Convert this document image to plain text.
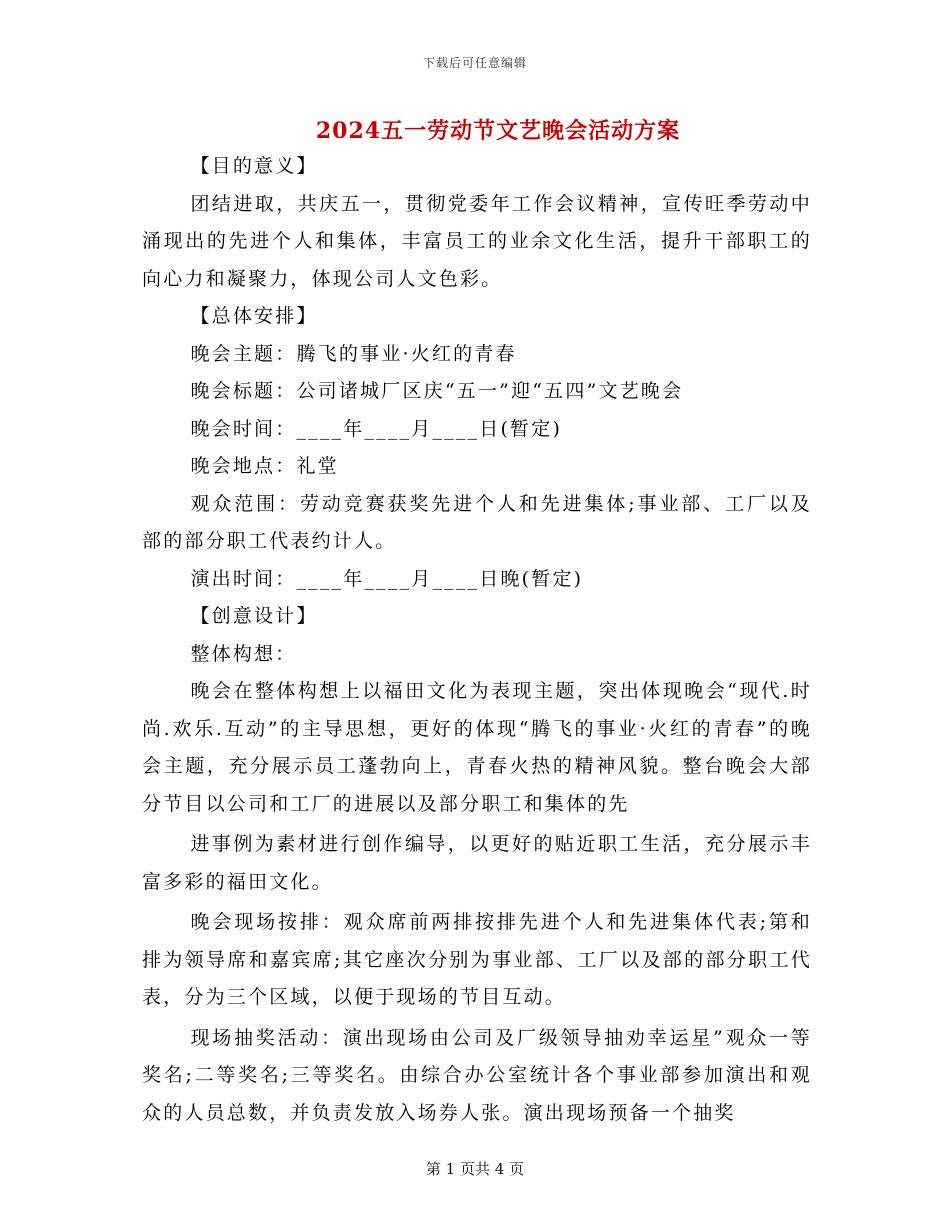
下载后可任意编辑
2024五一劳动节文艺晚会活动方案

【目的意义】

团结进取，共庆五一，贯彻党委年工作会议精神，宣传旺季劳动中涌现出的先进个人和集体，丰富员工的业余文化生活，提升干部职工的向心力和凝聚力，体现公司人文色彩。

【总体安排】

晚会主题：腾飞的事业·火红的青春

晚会标题：公司诸城厂区庆“五一”迎“五四”文艺晚会

晚会时间：____年____月____日(暂定)

晚会地点：礼堂

观众范围：劳动竞赛获奖先进个人和先进集体;事业部、工厂以及部的部分职工代表约计人。

演出时间：____年____月____日晚(暂定)

【创意设计】

整体构想：

晚会在整体构想上以福田文化为表现主题，突出体现晚会“现代.时尚.欢乐.互动”的主导思想，更好的体现“腾飞的事业·火红的青春”的晚会主题，充分展示员工蓬勃向上，青春火热的精神风貌。整台晚会大部分节目以公司和工厂的进展以及部分职工和集体的先

进事例为素材进行创作编导，以更好的贴近职工生活，充分展示丰富多彩的福田文化。

晚会现场按排：观众席前两排按排先进个人和先进集体代表;第和排为领导席和嘉宾席;其它座次分别为事业部、工厂以及部的部分职工代表，分为三个区域，以便于现场的节目互动。

现场抽奖活动：演出现场由公司及厂级领导抽劝幸运星”观众一等奖名;二等奖名;三等奖名。由综合办公室统计各个事业部参加演出和观众的人员总数，并负责发放入场券人张。演出现场预备一个抽奖

第 1 页共 4 页
